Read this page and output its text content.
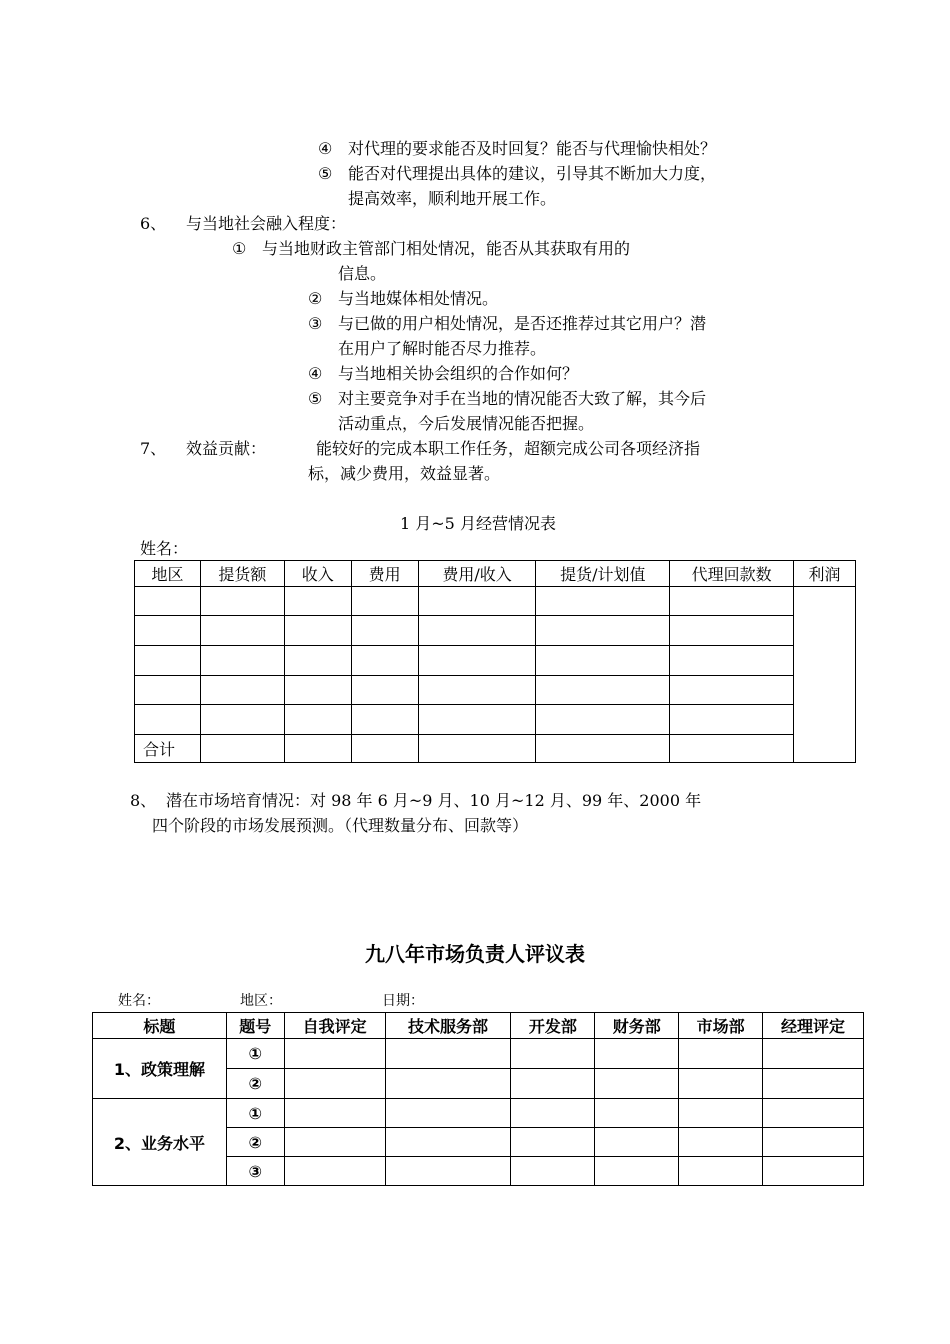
④ 对代理的要求能否及时回复？能否与代理愉快相处？
⑤ 能否对代理提出具体的建议，引导其不断加大力度，
提高效率，顺利地开展工作。
6、 与当地社会融入程度：
① 与当地财政主管部门相处情况，能否从其获取有用的
信息。
② 与当地媒体相处情况。
③ 与已做的用户相处情况，是否还推荐过其它用户？潜
在用户了解时能否尽力推荐。
④ 与当地相关协会组织的合作如何？
⑤ 对主要竞争对手在当地的情况能否大致了解，其今后
活动重点，今后发展情况能否把握。
7、 效益贡献：	能较好的完成本职工作任务，超额完成公司各项经济指
标，减少费用，效益显著。
1 月~5 月经营情况表
姓名：
地区	提货额	收入	费用	费用/收入	提货/计划值	代理回款数	利润

合计							
8、 潜在市场培育情况：对 98 年 6 月~9 月、10 月~12 月、99 年、2000 年
四个阶段的市场发展预测。（代理数量分布、回款等）
九八年市场负责人评议表
姓名：	地区：	日期：
标题	题号	自我评定	技术服务部	开发部	财务部	市场部	经理评定
1、政策理解	①						
	②						
2、业务水平	①						
	②						
	③						
